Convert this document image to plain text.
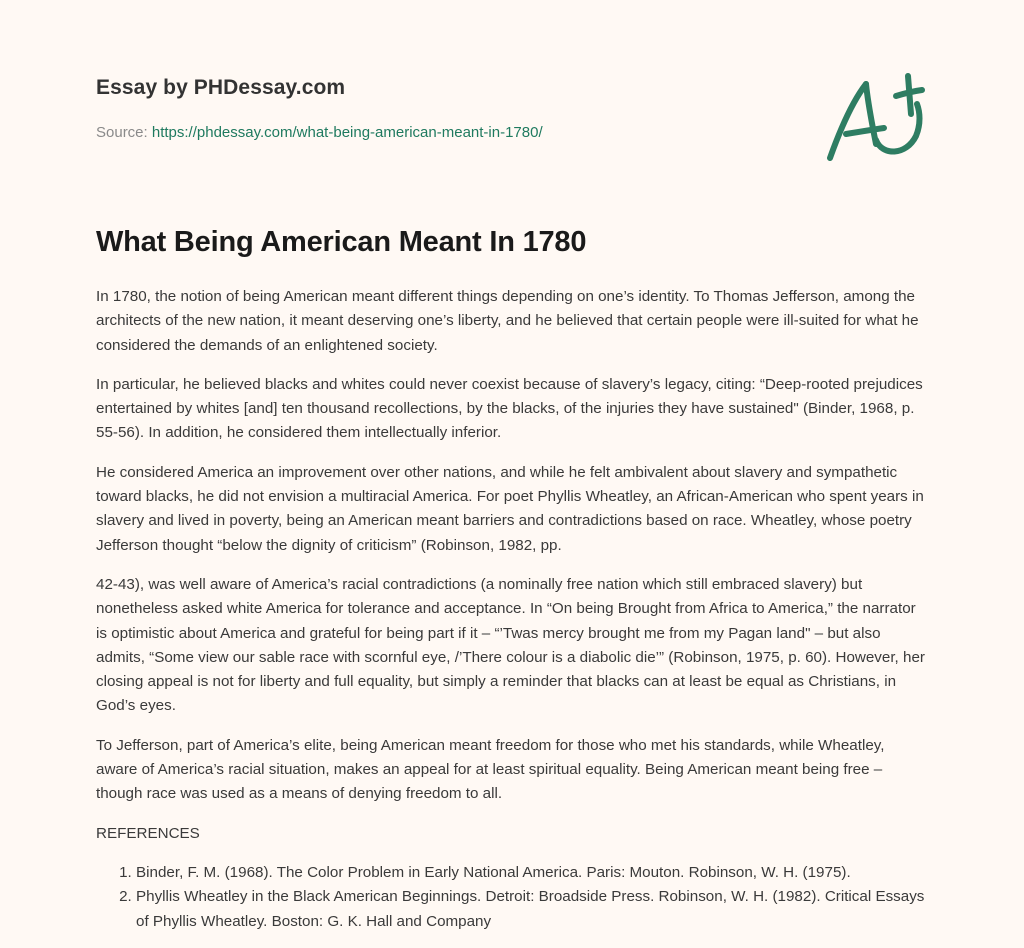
Essay by PHDessay.com
Source: https://phdessay.com/what-being-american-meant-in-1780/
What Being American Meant In 1780

In 1780, the notion of being American meant different things depending on one’s identity. To Thomas Jefferson, among the architects of the new nation, it meant deserving one’s liberty, and he believed that certain people were ill-suited for what he considered the demands of an enlightened society.

In particular, he believed blacks and whites could never coexist because of slavery’s legacy, citing: “Deep-rooted prejudices entertained by whites [and] ten thousand recollections, by the blacks, of the injuries they have sustained" (Binder, 1968, p. 55-56). In addition, he considered them intellectually inferior.

He considered America an improvement over other nations, and while he felt ambivalent about slavery and sympathetic toward blacks, he did not envision a multiracial America. For poet Phyllis Wheatley, an African-American who spent years in slavery and lived in poverty, being an American meant barriers and contradictions based on race. Wheatley, whose poetry Jefferson thought “below the dignity of criticism” (Robinson, 1982, pp.

42-43), was well aware of America’s racial contradictions (a nominally free nation which still embraced slavery) but nonetheless asked white America for tolerance and acceptance. In “On being Brought from Africa to America,” the narrator is optimistic about America and grateful for being part if it – “’Twas mercy brought me from my Pagan land" – but also admits, “Some view our sable race with scornful eye, /’There colour is a diabolic die’” (Robinson, 1975, p. 60). However, her closing appeal is not for liberty and full equality, but simply a reminder that blacks can at least be equal as Christians, in God’s eyes.

To Jefferson, part of America’s elite, being American meant freedom for those who met his standards, while Wheatley, aware of America’s racial situation, makes an appeal for at least spiritual equality. Being American meant being free – though race was used as a means of denying freedom to all.

REFERENCES

1. Binder, F. M. (1968). The Color Problem in Early National America. Paris: Mouton. Robinson, W. H. (1975).
2. Phyllis Wheatley in the Black American Beginnings. Detroit: Broadside Press. Robinson, W. H. (1982). Critical Essays of Phyllis Wheatley. Boston: G. K. Hall and Company
